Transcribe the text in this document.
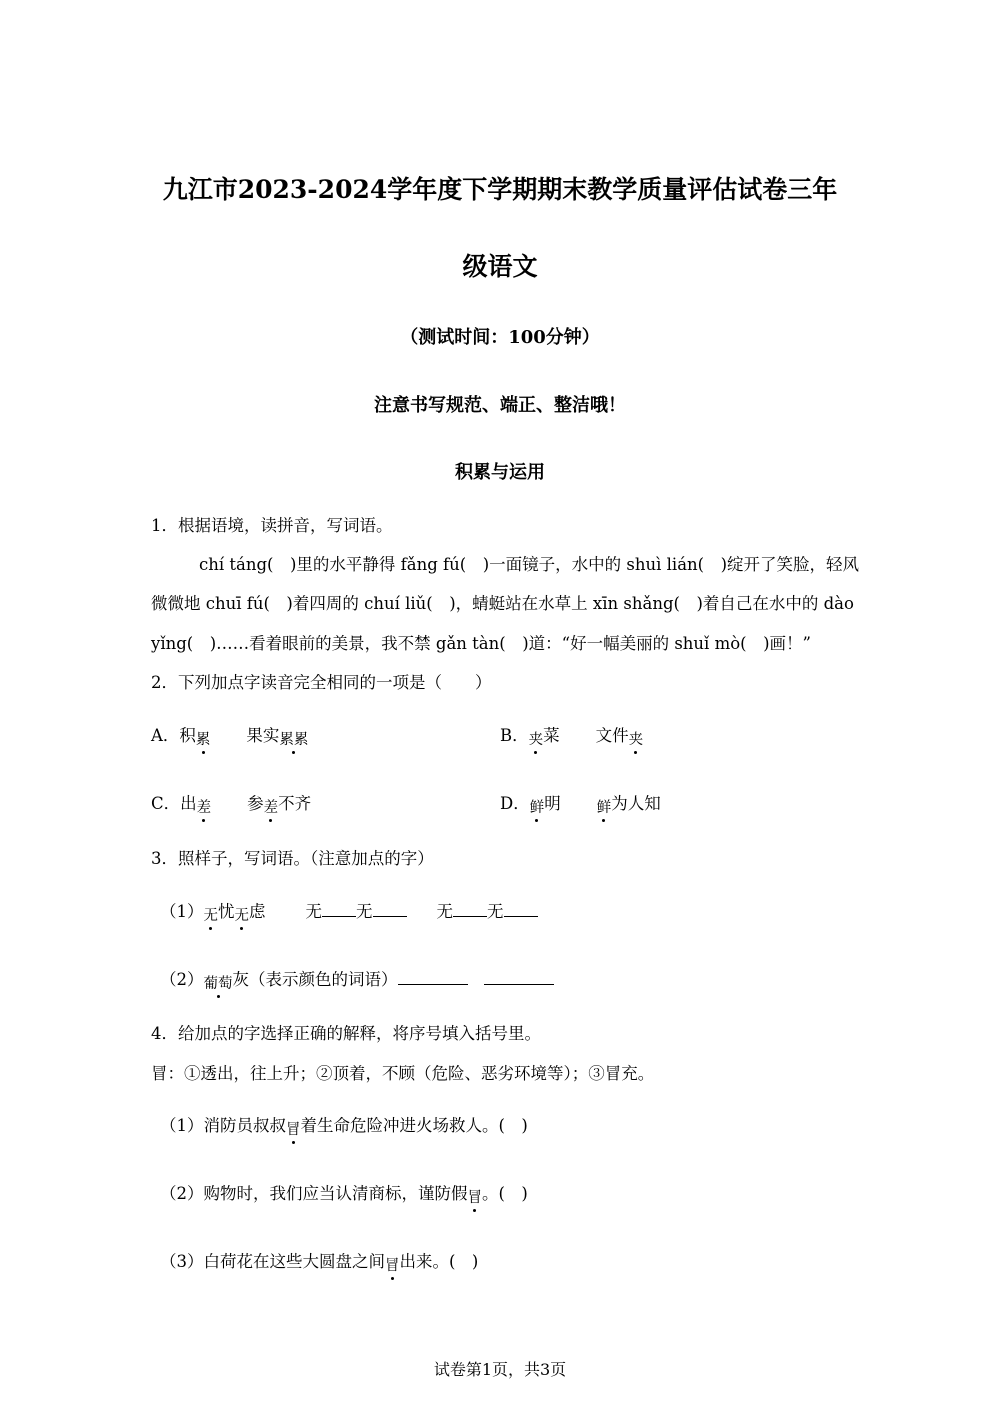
九江市2023-2024学年度下学期期末教学质量评估试卷三年
级语文
（测试时间：100分钟）
注意书写规范、端正、整洁哦！
积累与运用
1．根据语境，读拼音，写词语。
chí táng(　)里的水平静得 fǎng fú(　)一面镜子，水中的 shuì lián(　)绽开了笑脸，轻风
微微地 chuī fú(　)着四周的 chuí liǔ(　)，蜻蜓站在水草上 xīn shǎng(　)着自己在水中的 dào
yǐng(　)……看着眼前的美景，我不禁 gǎn tàn(　)道：“好一幅美丽的 shuǐ mò(　)画！”
2．下列加点字读音完全相同的一项是（　　）
A．积累 果实累累	B．夹菜 文件夹
C．出差 参差不齐	D．鲜明 鲜为人知
3．照样子，写词语。（注意加点的字）
（1）无忧无虑 无 无	无 无
（2）葡萄灰（表示颜色的词语）
4．给加点的字选择正确的解释，将序号填入括号里。
冒：①透出，往上升；②顶着，不顾（危险、恶劣环境等）；③冒充。
（1）消防员叔叔冒着生命危险冲进火场救人。(　)
（2）购物时，我们应当认清商标，谨防假冒。(　)
（3）白荷花在这些大圆盘之间冒出来。(　)
试卷第1页，共3页
